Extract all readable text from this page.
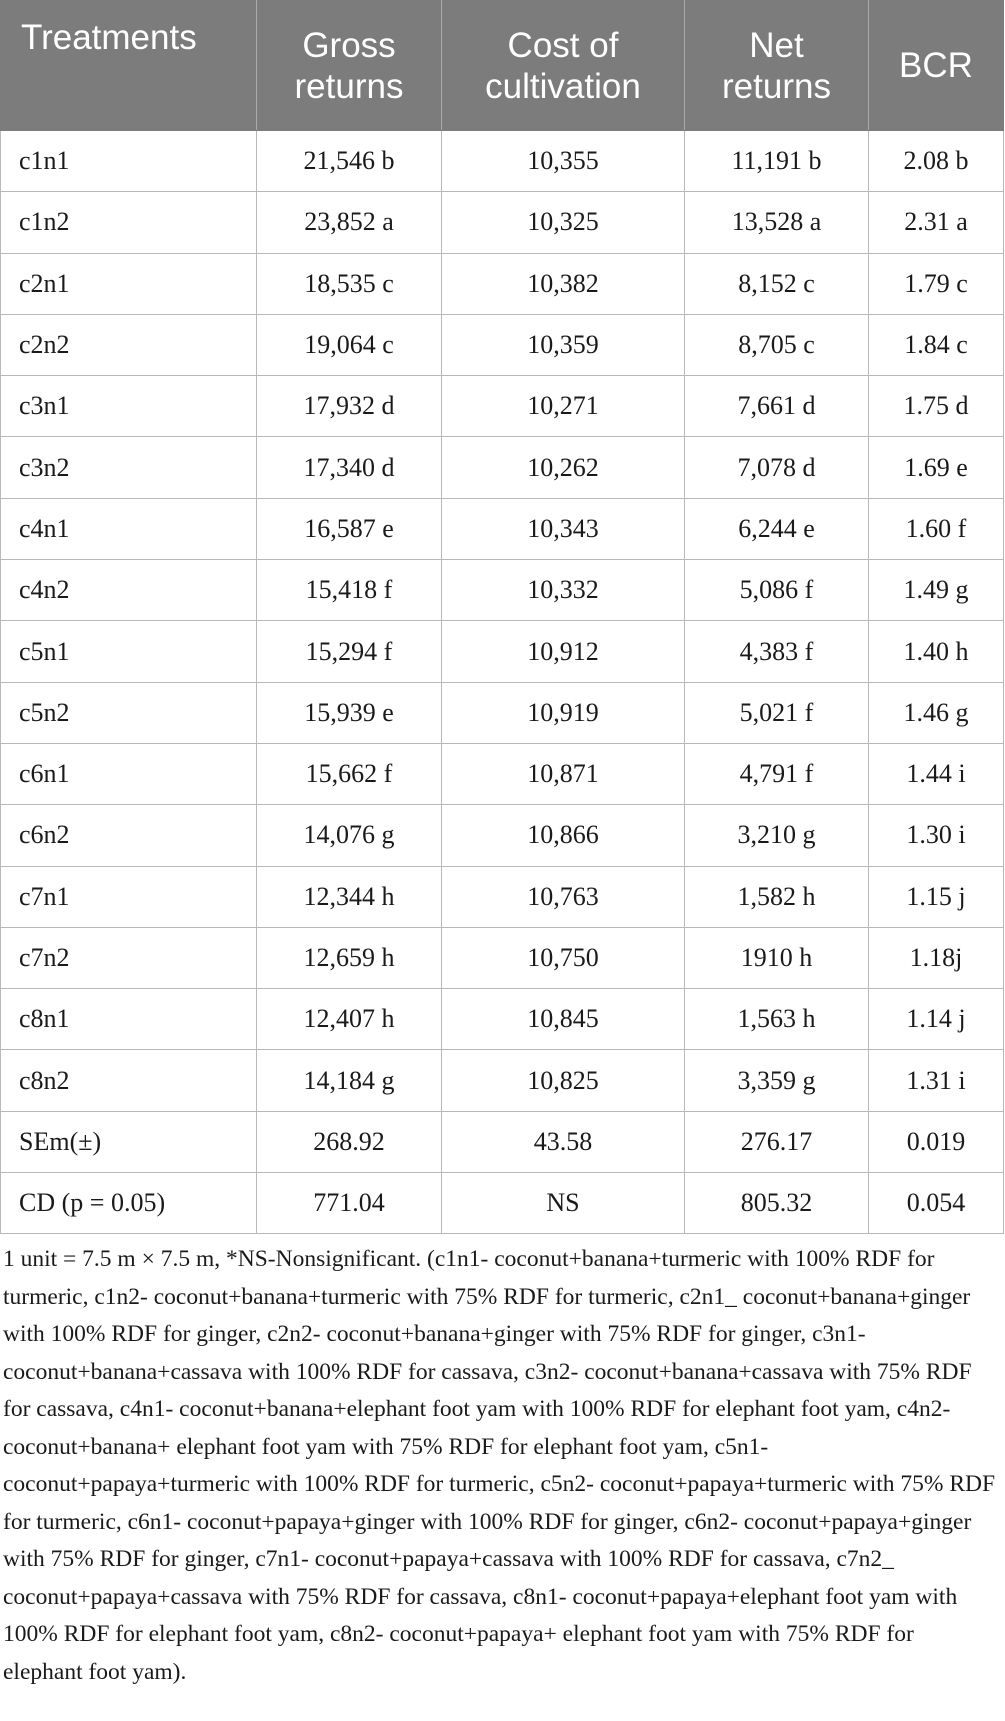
Treatments	Gross returns	Cost of cultivation	Net returns	BCR
c1n1	21,546 b	10,355	11,191 b	2.08 b
c1n2	23,852 a	10,325	13,528 a	2.31 a
c2n1	18,535 c	10,382	8,152 c	1.79 c
c2n2	19,064 c	10,359	8,705 c	1.84 c
c3n1	17,932 d	10,271	7,661 d	1.75 d
c3n2	17,340 d	10,262	7,078 d	1.69 e
c4n1	16,587 e	10,343	6,244 e	1.60 f
c4n2	15,418 f	10,332	5,086 f	1.49 g
c5n1	15,294 f	10,912	4,383 f	1.40 h
c5n2	15,939 e	10,919	5,021 f	1.46 g
c6n1	15,662 f	10,871	4,791 f	1.44 i
c6n2	14,076 g	10,866	3,210 g	1.30 i
c7n1	12,344 h	10,763	1,582 h	1.15 j
c7n2	12,659 h	10,750	1910 h	1.18j
c8n1	12,407 h	10,845	1,563 h	1.14 j
c8n2	14,184 g	10,825	3,359 g	1.31 i
SEm(±)	268.92	43.58	276.17	0.019
CD (p = 0.05)	771.04	NS	805.32	0.054

1 unit = 7.5 m × 7.5 m, *NS-Nonsignificant. (c1n1- coconut+banana+turmeric with 100% RDF for turmeric, c1n2- coconut+banana+turmeric with 75% RDF for turmeric, c2n1_ coconut+banana+ginger with 100% RDF for ginger, c2n2- coconut+banana+ginger with 75% RDF for ginger, c3n1- coconut+banana+cassava with 100% RDF for cassava, c3n2- coconut+banana+cassava with 75% RDF for cassava, c4n1- coconut+banana+elephant foot yam with 100% RDF for elephant foot yam, c4n2- coconut+banana+ elephant foot yam with 75% RDF for elephant foot yam, c5n1- coconut+papaya+turmeric with 100% RDF for turmeric, c5n2- coconut+papaya+turmeric with 75% RDF for turmeric, c6n1- coconut+papaya+ginger with 100% RDF for ginger, c6n2- coconut+papaya+ginger with 75% RDF for ginger, c7n1- coconut+papaya+cassava with 100% RDF for cassava, c7n2_ coconut+papaya+cassava with 75% RDF for cassava, c8n1- coconut+papaya+elephant foot yam with 100% RDF for elephant foot yam, c8n2- coconut+papaya+ elephant foot yam with 75% RDF for elephant foot yam).
